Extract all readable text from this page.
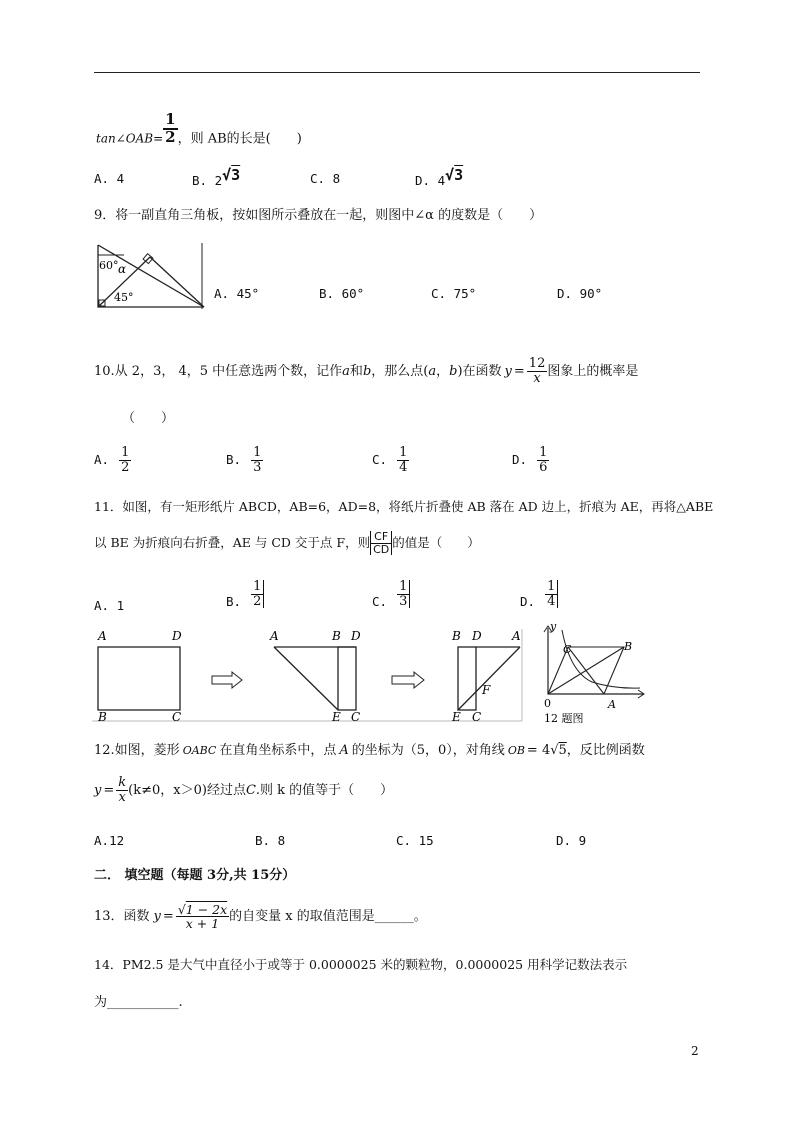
tan∠OAB= $\frac{1}{2}$ ，则 AB的长是(　　)
A. 4	B. 2√3	C. 8	D. 4√3
9．将一副直角三角板，按如图所示叠放在一起，则图中∠α 的度数是（　　）
60° α
45°	A. 45°	B. 60°	C. 75°	D. 90°
10.从 2，3， 4，5 中任意选两个数，记作 a 和 b ，那么点( a ， b )在函数 $y = \frac{12}{x}$ 图象上的概率是
（　　）
A. $\frac{1}{2}$	B. $\frac{1}{3}$	C. $\frac{1}{4}$	D. $\frac{1}{6}$
11．如图，有一矩形纸片 ABCD，AB=6，AD=8，将纸片折叠使 AB 落在 AD 边上，折痕为 AE，再将△ABE
以 BE 为折痕向右折叠，AE 与 CD 交于点 F，则 $\frac{CF}{CD}$ 的值是（　　）
A. 1	B. $\frac{1}{2}$	C. $\frac{1}{3}$	D. $\frac{1}{4}$
A	D
B	C
A	B D
E C
B D	A
F
E C
y
C	B
0	A
12 题图
12.如图，菱形 OABC 在直角坐标系中，点 A 的坐标为（5，0），对角线 OB = 4 √ 5 ，反比例函数
$y = \frac{k}{x} (k\ne 0$，x＞0)经过点 C .则 k 的值等于（　　）
A.12	B. 8	C. 15	D. 9
二． 填空题（每题 3分,共 15分）
13．函数 $y = \frac{√1 - 2x}{x + 1}$ 的自变量 x 的取值范围是______。
14．PM2.5 是大气中直径小于或等于 0.0000025 米的颗粒物，0.0000025 用科学记数法表示
为___________.
2
